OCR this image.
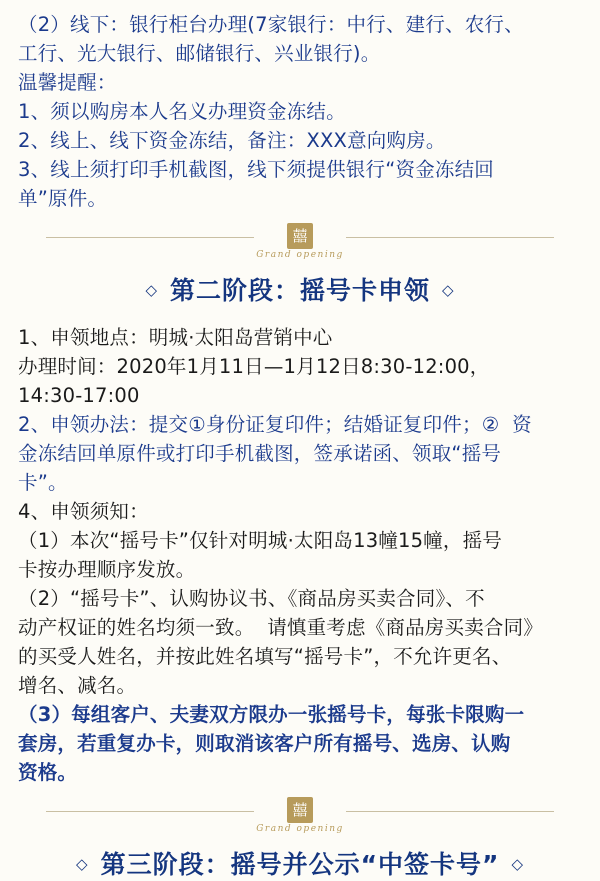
（2）线下：银行柜台办理(7家银行：中行、建行、农行、
工行、光大银行、邮储银行、兴业银行)。
温馨提醒：
1、须以购房本人名义办理资金冻结。
2、线上、线下资金冻结，备注：XXX意向购房。
3、线上须打印手机截图，线下须提供银行“资金冻结回
单”原件。
囍
Grand opening
◇ 第二阶段：摇号卡申领 ◇
1、申领地点：明城·太阳岛营销中心
办理时间：2020年1月11日—1月12日8:30-12:00，
14:30-17:00
2、申领办法：提交①身份证复印件；结婚证复印件；②  资
金冻结回单原件或打印手机截图，签承诺函、领取“摇号
卡”。
4、申领须知：
（1）本次“摇号卡”仅针对明城·太阳岛13幢15幢，摇号
卡按办理顺序发放。
（2）“摇号卡”、认购协议书、《商品房买卖合同》、不
动产权证的姓名均须一致。  请慎重考虑《商品房买卖合同》
的买受人姓名，并按此姓名填写“摇号卡”，不允许更名、
增名、减名。
（3）每组客户、夫妻双方限办一张摇号卡，每张卡限购一
套房，若重复办卡，则取消该客户所有摇号、选房、认购
资格。
囍
Grand opening
◇ 第三阶段：摇号并公示“中签卡号” ◇
